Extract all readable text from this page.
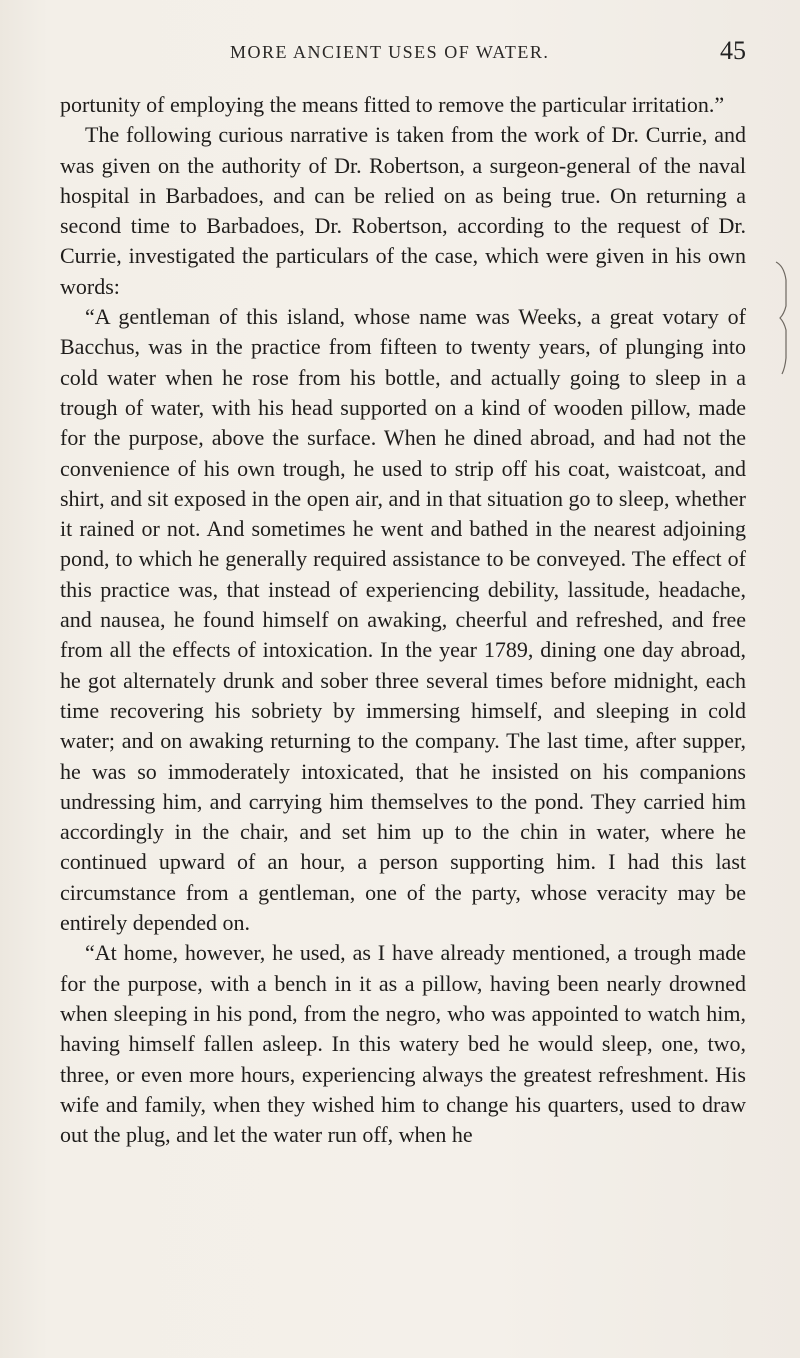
MORE ANCIENT USES OF WATER.	45

portunity of employing the means fitted to remove the particular irritation.”

The following curious narrative is taken from the work of Dr. Currie, and was given on the authority of Dr. Robertson, a surgeon-general of the naval hospital in Barbadoes, and can be relied on as being true. On returning a second time to Barbadoes, Dr. Robertson, according to the request of Dr. Currie, investigated the particulars of the case, which were given in his own words:

“A gentleman of this island, whose name was Weeks, a great votary of Bacchus, was in the practice from fifteen to twenty years, of plunging into cold water when he rose from his bottle, and actually going to sleep in a trough of water, with his head supported on a kind of wooden pillow, made for the purpose, above the surface. When he dined abroad, and had not the convenience of his own trough, he used to strip off his coat, waistcoat, and shirt, and sit exposed in the open air, and in that situation go to sleep, whether it rained or not. And sometimes he went and bathed in the nearest adjoining pond, to which he generally required assistance to be conveyed. The effect of this practice was, that instead of experiencing debility, lassitude, headache, and nausea, he found himself on awaking, cheerful and refreshed, and free from all the effects of intoxication. In the year 1789, dining one day abroad, he got alternately drunk and sober three several times before midnight, each time recovering his sobriety by immersing himself, and sleeping in cold water; and on awaking returning to the company. The last time, after supper, he was so immoderately intoxicated, that he insisted on his companions undressing him, and carrying him themselves to the pond. They carried him accordingly in the chair, and set him up to the chin in water, where he continued upward of an hour, a person supporting him. I had this last circumstance from a gentleman, one of the party, whose veracity may be entirely depended on.

“At home, however, he used, as I have already mentioned, a trough made for the purpose, with a bench in it as a pillow, having been nearly drowned when sleeping in his pond, from the negro, who was appointed to watch him, having himself fallen asleep. In this watery bed he would sleep, one, two, three, or even more hours, experiencing always the greatest refreshment. His wife and family, when they wished him to change his quarters, used to draw out the plug, and let the water run off, when he
